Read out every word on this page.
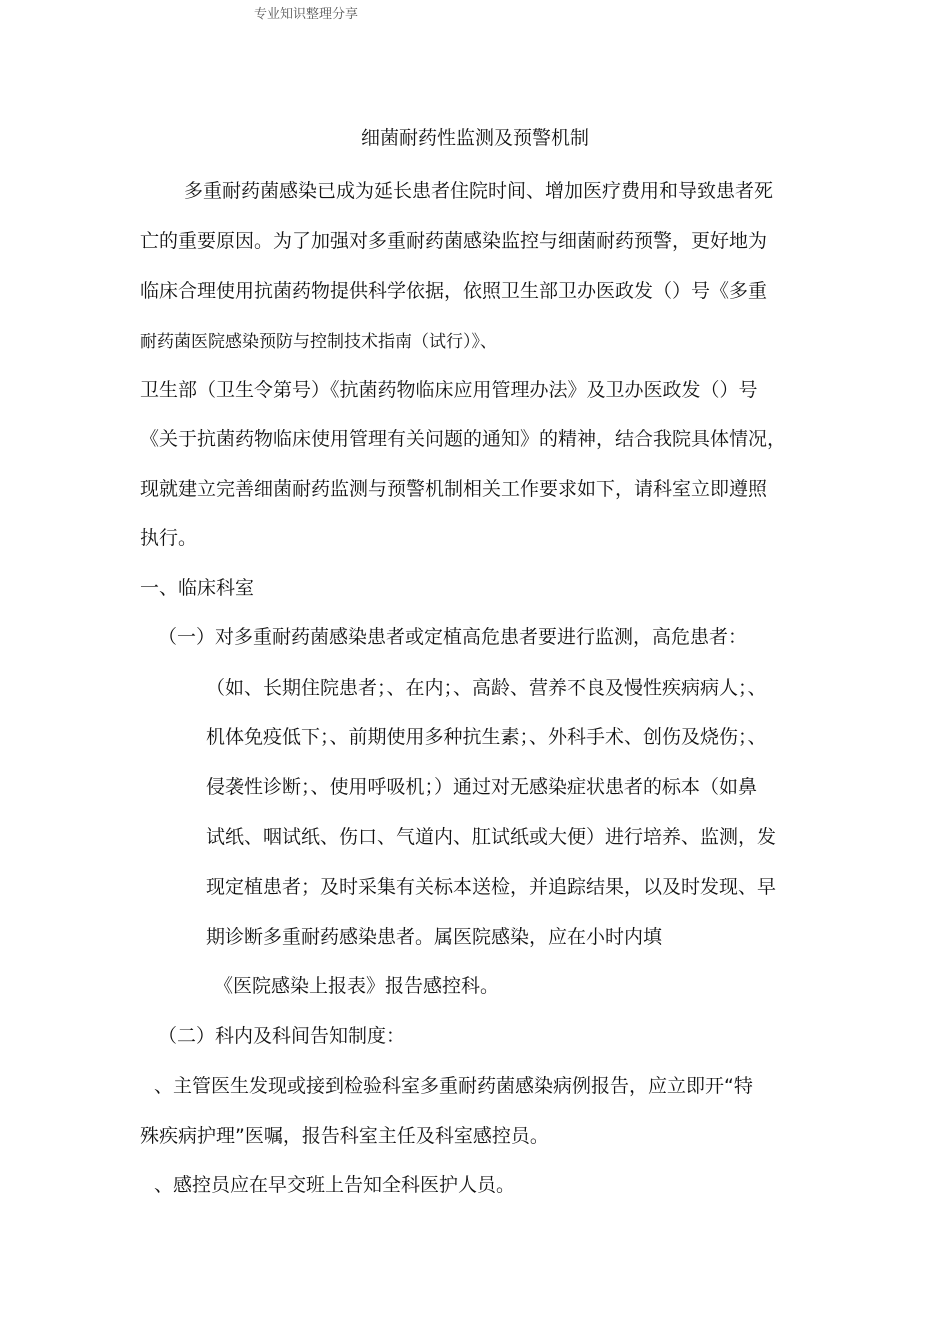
专业知识整理分享
细菌耐药性监测及预警机制
多重耐药菌感染已成为延长患者住院时间、增加医疗费用和导致患者死
亡的重要原因。为了加强对多重耐药菌感染监控与细菌耐药预警，更好地为
临床合理使用抗菌药物提供科学依据，依照卫生部卫办医政发（）号《多重
耐药菌医院感染预防与控制技术指南（试行）》、
卫生部（卫生令第号）《抗菌药物临床应用管理办法》及卫办医政发（）号
《关于抗菌药物临床使用管理有关问题的通知》的精神，结合我院具体情况，
现就建立完善细菌耐药监测与预警机制相关工作要求如下，请科室立即遵照
执行。
一、临床科室
（一）对多重耐药菌感染患者或定植高危患者要进行监测，高危患者：
（如、长期住院患者；、在内；、高龄、营养不良及慢性疾病病人；、
机体免疫低下；、前期使用多种抗生素；、外科手术、创伤及烧伤；、
侵袭性诊断；、使用呼吸机；）通过对无感染症状患者的标本（如鼻
试纸、咽试纸、伤口、气道内、肛试纸或大便）进行培养、监测，发
现定植患者；及时采集有关标本送检，并追踪结果，以及时发现、早
期诊断多重耐药感染患者。属医院感染，应在小时内填
《医院感染上报表》报告感控科。
（二）科内及科间告知制度：
、主管医生发现或接到检验科室多重耐药菌感染病例报告，应立即开“特
殊疾病护理”医嘱，报告科室主任及科室感控员。
、感控员应在早交班上告知全科医护人员。
